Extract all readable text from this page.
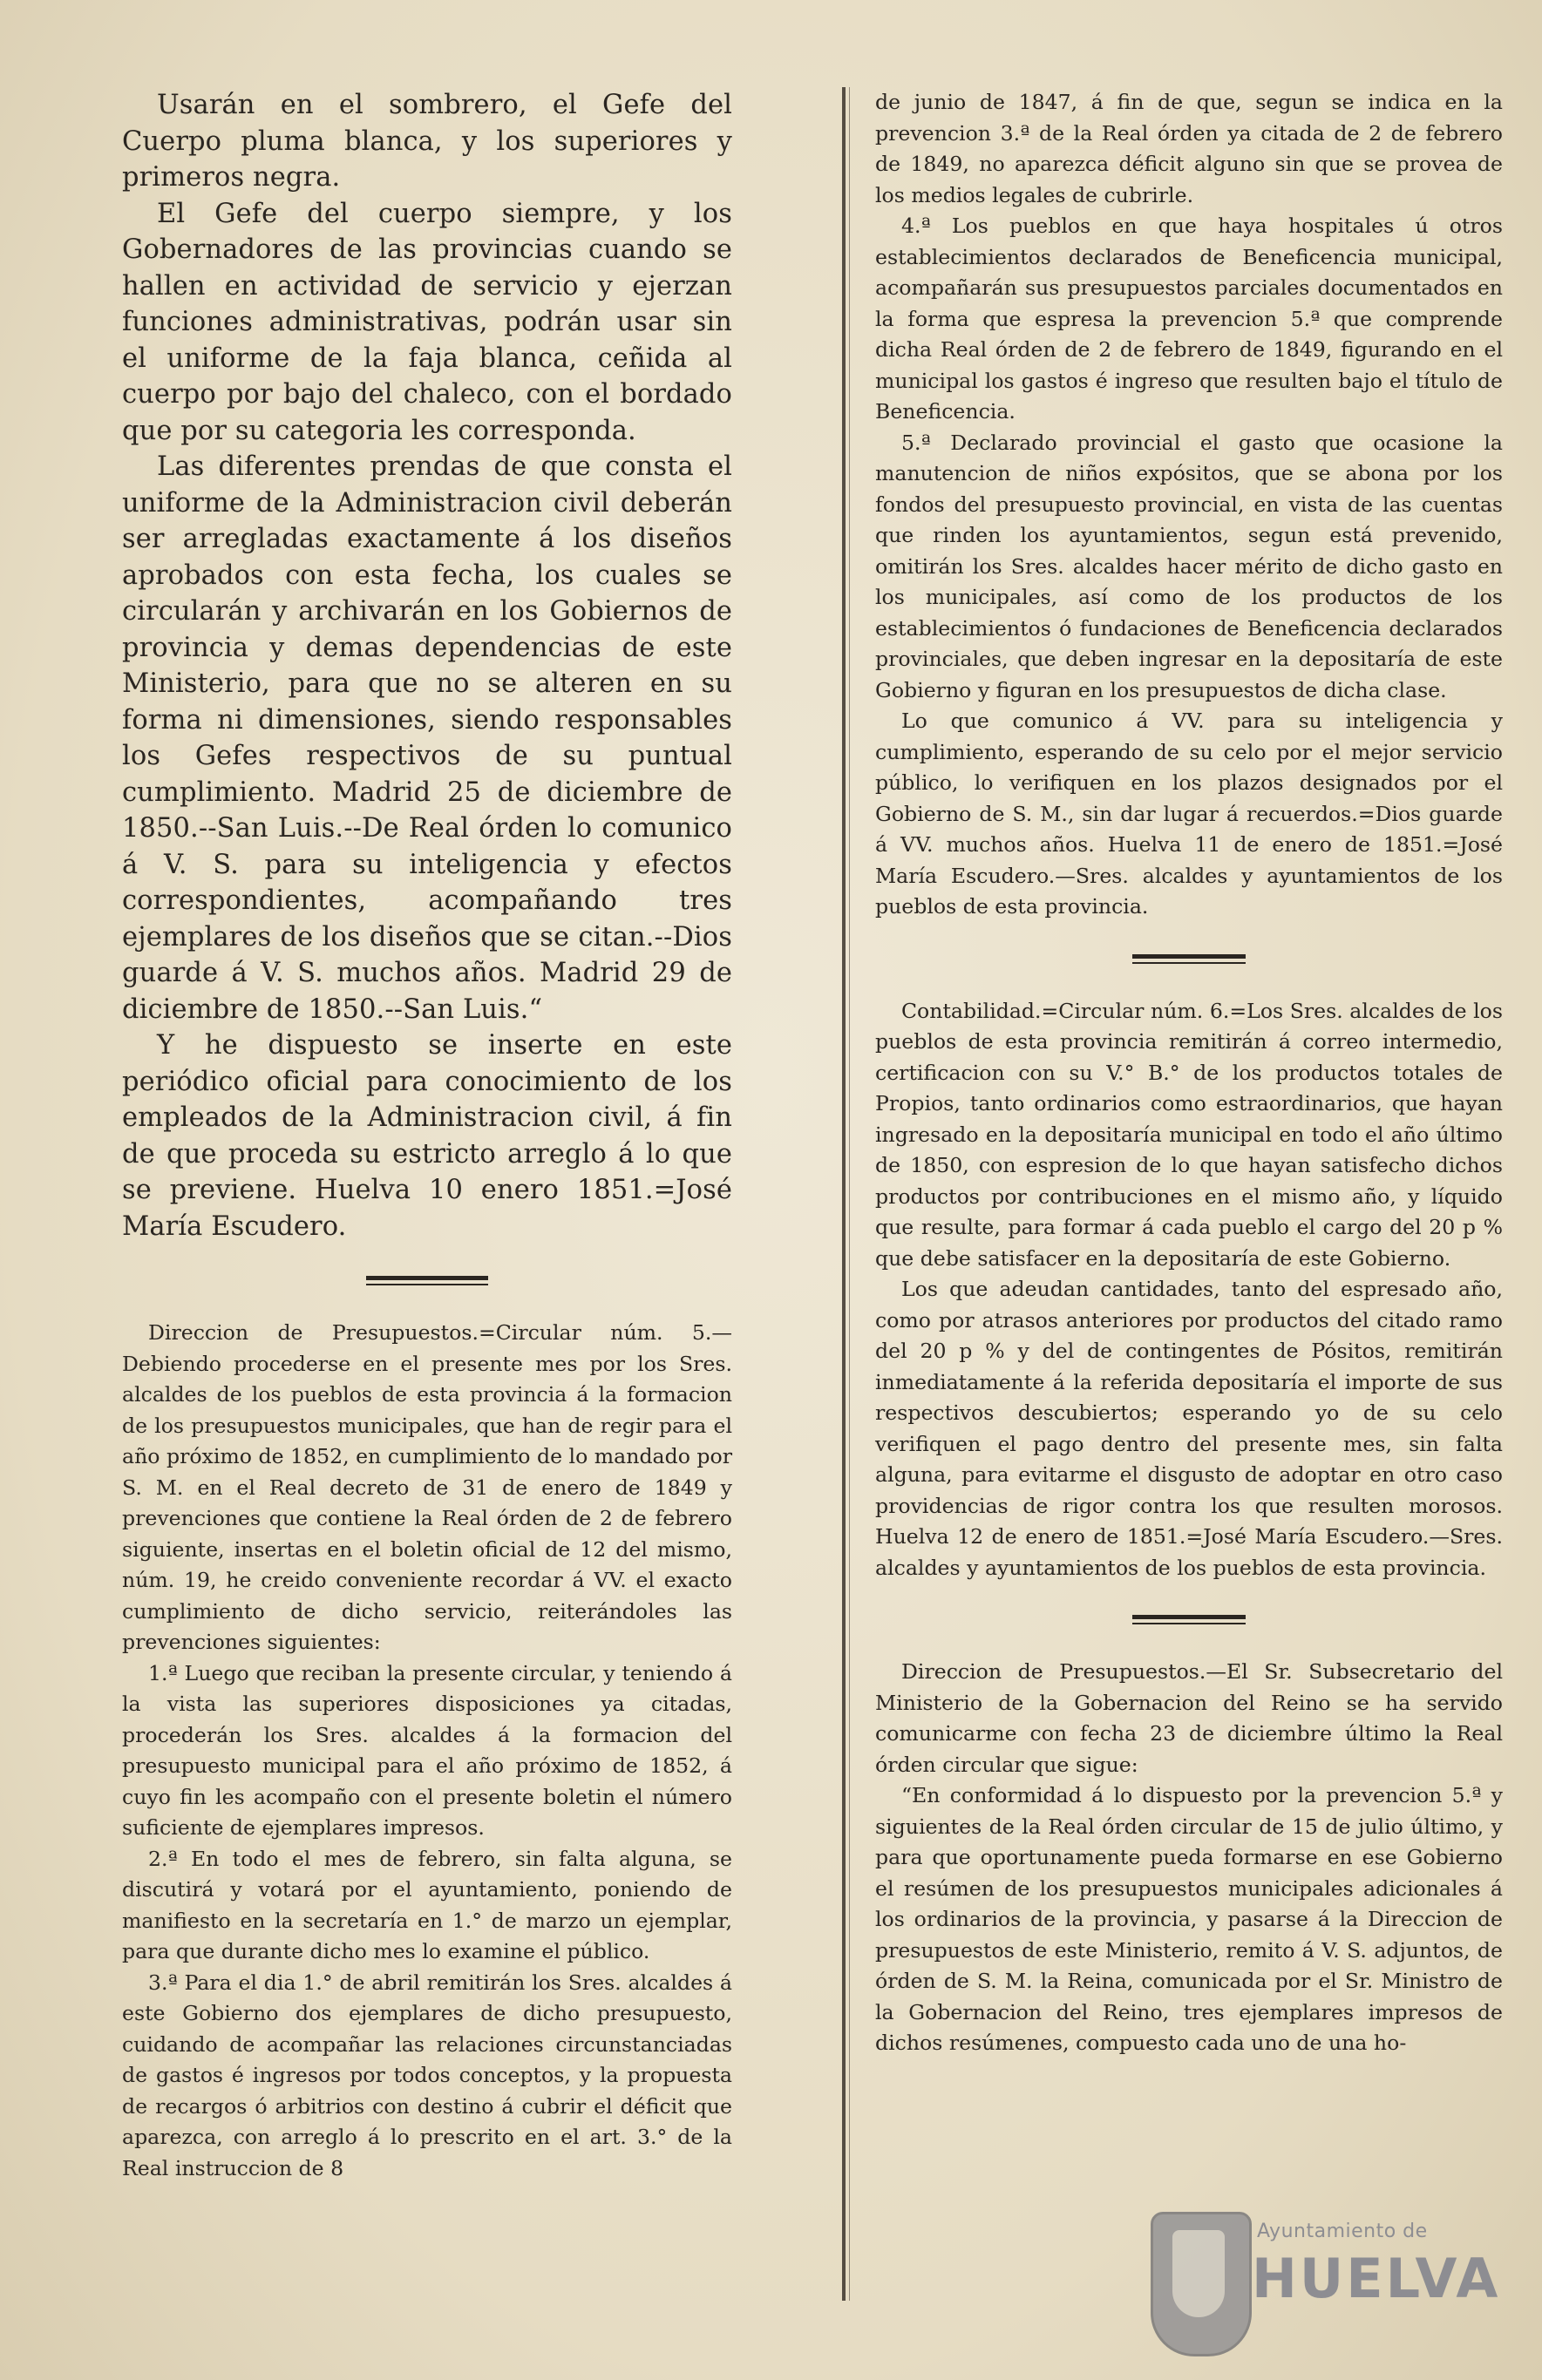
Usarán en el sombrero, el Gefe del Cuerpo pluma blanca, y los superiores y primeros negra.

El Gefe del cuerpo siempre, y los Gobernadores de las provincias cuando se hallen en actividad de servicio y ejerzan funciones administrativas, podrán usar sin el uniforme de la faja blanca, ceñida al cuerpo por bajo del chaleco, con el bordado que por su categoria les corresponda.

Las diferentes prendas de que consta el uniforme de la Administracion civil deberán ser arregladas exactamente á los diseños aprobados con esta fecha, los cuales se circularán y archivarán en los Gobiernos de provincia y demas dependencias de este Ministerio, para que no se alteren en su forma ni dimensiones, siendo responsables los Gefes respectivos de su puntual cumplimiento. Madrid 25 de diciembre de 1850.--San Luis.--De Real órden lo comunico á V. S. para su inteligencia y efectos correspondientes, acompañando tres ejemplares de los diseños que se citan.--Dios guarde á V. S. muchos años. Madrid 29 de diciembre de 1850.--San Luis.“

Y he dispuesto se inserte en este periódico oficial para conocimiento de los empleados de la Administracion civil, á fin de que proceda su estricto arreglo á lo que se previene. Huelva 10 enero 1851.=José María Escudero.

Direccion de Presupuestos.=Circular núm. 5.—Debiendo procederse en el presente mes por los Sres. alcaldes de los pueblos de esta provincia á la formacion de los presupuestos municipales, que han de regir para el año próximo de 1852, en cumplimiento de lo mandado por S. M. en el Real decreto de 31 de enero de 1849 y prevenciones que contiene la Real órden de 2 de febrero siguiente, insertas en el boletin oficial de 12 del mismo, núm. 19, he creido conveniente recordar á VV. el exacto cumplimiento de dicho servicio, reiterándoles las prevenciones siguientes:

1.ª Luego que reciban la presente circular, y teniendo á la vista las superiores disposiciones ya citadas, procederán los Sres. alcaldes á la formacion del presupuesto municipal para el año próximo de 1852, á cuyo fin les acompaño con el presente boletin el número suficiente de ejemplares impresos.

2.ª En todo el mes de febrero, sin falta alguna, se discutirá y votará por el ayuntamiento, poniendo de manifiesto en la secretaría en 1.° de marzo un ejemplar, para que durante dicho mes lo examine el público.

3.ª Para el dia 1.° de abril remitirán los Sres. alcaldes á este Gobierno dos ejemplares de dicho presupuesto, cuidando de acompañar las relaciones circunstanciadas de gastos é ingresos por todos conceptos, y la propuesta de recargos ó arbitrios con destino á cubrir el déficit que aparezca, con arreglo á lo prescrito en el art. 3.° de la Real instruccion de 8

de junio de 1847, á fin de que, segun se indica en la prevencion 3.ª de la Real órden ya citada de 2 de febrero de 1849, no aparezca déficit alguno sin que se provea de los medios legales de cubrirle.

4.ª Los pueblos en que haya hospitales ú otros establecimientos declarados de Beneficencia municipal, acompañarán sus presupuestos parciales documentados en la forma que espresa la prevencion 5.ª que comprende dicha Real órden de 2 de febrero de 1849, figurando en el municipal los gastos é ingreso que resulten bajo el título de Beneficencia.

5.ª Declarado provincial el gasto que ocasione la manutencion de niños expósitos, que se abona por los fondos del presupuesto provincial, en vista de las cuentas que rinden los ayuntamientos, segun está prevenido, omitirán los Sres. alcaldes hacer mérito de dicho gasto en los municipales, así como de los productos de los establecimientos ó fundaciones de Beneficencia declarados provinciales, que deben ingresar en la depositaría de este Gobierno y figuran en los presupuestos de dicha clase.

Lo que comunico á VV. para su inteligencia y cumplimiento, esperando de su celo por el mejor servicio público, lo verifiquen en los plazos designados por el Gobierno de S. M., sin dar lugar á recuerdos.=Dios guarde á VV. muchos años. Huelva 11 de enero de 1851.=José María Escudero.—Sres. alcaldes y ayuntamientos de los pueblos de esta provincia.

Contabilidad.=Circular núm. 6.=Los Sres. alcaldes de los pueblos de esta provincia remitirán á correo intermedio, certificacion con su V.° B.° de los productos totales de Propios, tanto ordinarios como estraordinarios, que hayan ingresado en la depositaría municipal en todo el año último de 1850, con espresion de lo que hayan satisfecho dichos productos por contribuciones en el mismo año, y líquido que resulte, para formar á cada pueblo el cargo del 20 p % que debe satisfacer en la depositaría de este Gobierno.

Los que adeudan cantidades, tanto del espresado año, como por atrasos anteriores por productos del citado ramo del 20 p % y del de contingentes de Pósitos, remitirán inmediatamente á la referida depositaría el importe de sus respectivos descubiertos; esperando yo de su celo verifiquen el pago dentro del presente mes, sin falta alguna, para evitarme el disgusto de adoptar en otro caso providencias de rigor contra los que resulten morosos. Huelva 12 de enero de 1851.=José María Escudero.—Sres. alcaldes y ayuntamientos de los pueblos de esta provincia.

Direccion de Presupuestos.—El Sr. Subsecretario del Ministerio de la Gobernacion del Reino se ha servido comunicarme con fecha 23 de diciembre último la Real órden circular que sigue:

“En conformidad á lo dispuesto por la prevencion 5.ª y siguientes de la Real órden circular de 15 de julio último, y para que oportunamente pueda formarse en ese Gobierno el resúmen de los presupuestos municipales adicionales á los ordinarios de la provincia, y pasarse á la Direccion de presupuestos de este Ministerio, remito á V. S. adjuntos, de órden de S. M. la Reina, comunicada por el Sr. Ministro de la Gobernacion del Reino, tres ejemplares impresos de dichos resúmenes, compuesto cada uno de una ho-

Ayuntamiento de
HUELVA
